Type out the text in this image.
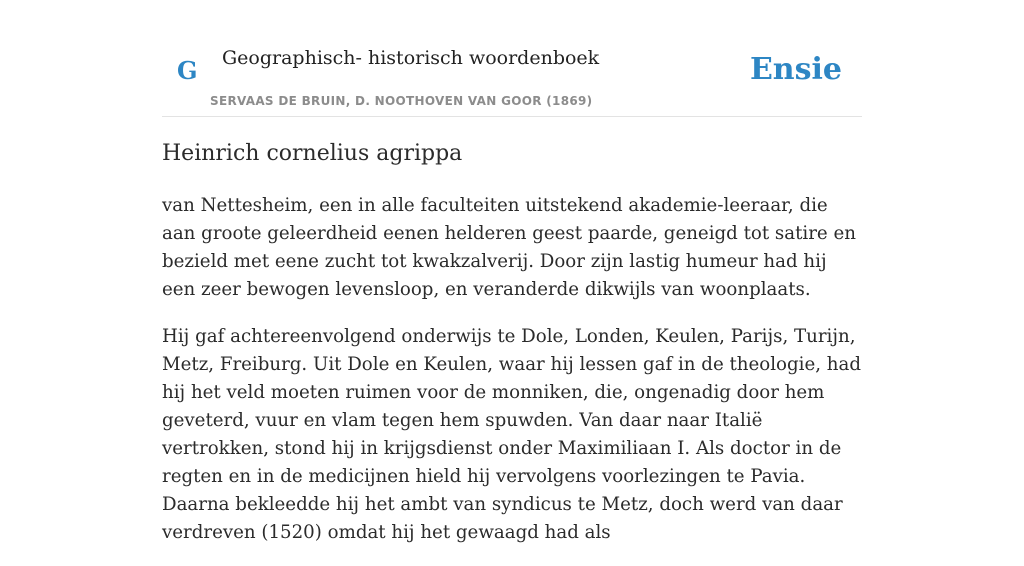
G Geographisch- historisch woordenboek
SERVAAS DE BRUIN, D. NOOTHOVEN VAN GOOR (1869)
Ensie
Heinrich cornelius agrippa

van Nettesheim, een in alle faculteiten uitstekend akademie-leeraar, die aan groote geleerdheid eenen helderen geest paarde, geneigd tot satire en bezield met eene zucht tot kwakzalverij. Door zijn lastig humeur had hij een zeer bewogen levensloop, en veranderde dikwijls van woonplaats.

Hij gaf achtereenvolgend onderwijs te Dole, Londen, Keulen, Parijs, Turijn, Metz, Freiburg. Uit Dole en Keulen, waar hij lessen gaf in de theologie, had hij het veld moeten ruimen voor de monniken, die, ongenadig door hem geveterd, vuur en vlam tegen hem spuwden. Van daar naar Italië vertrokken, stond hij in krijgsdienst onder Maximiliaan I. Als doctor in de regten en in de medicijnen hield hij vervolgens voorlezingen te Pavia. Daarna bekleedde hij het ambt van syndicus te Metz, doch werd van daar verdreven (1520) omdat hij het gewaagd had als
